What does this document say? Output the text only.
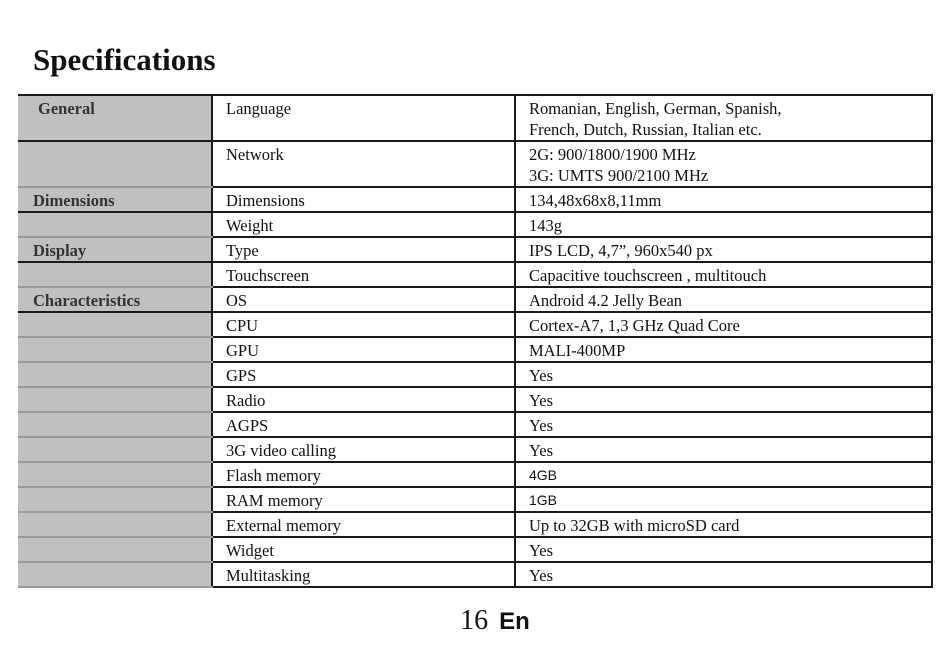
Specifications
General	Language	Romanian, English, German, Spanish,
French, Dutch, Russian, Italian etc.

	Network	2G: 900/1800/1900 MHz
3G: UMTS 900/2100 MHz

Dimensions	Dimensions	134,48x68x8,11mm
	Weight	143g
Display	Type	IPS LCD, 4,7”, 960x540 px
	Touchscreen	Capacitive touchscreen , multitouch
Characteristics	OS	Android 4.2 Jelly Bean
	CPU	Cortex-A7, 1,3 GHz Quad Core
	GPU	MALI-400MP
	GPS	Yes
	Radio	Yes
	AGPS	Yes
	3G video calling	Yes
	Flash memory	4GB
	RAM memory	1GB
	External memory	Up to 32GB with microSD card
	Widget	Yes
	Multitasking	Yes
16 En
